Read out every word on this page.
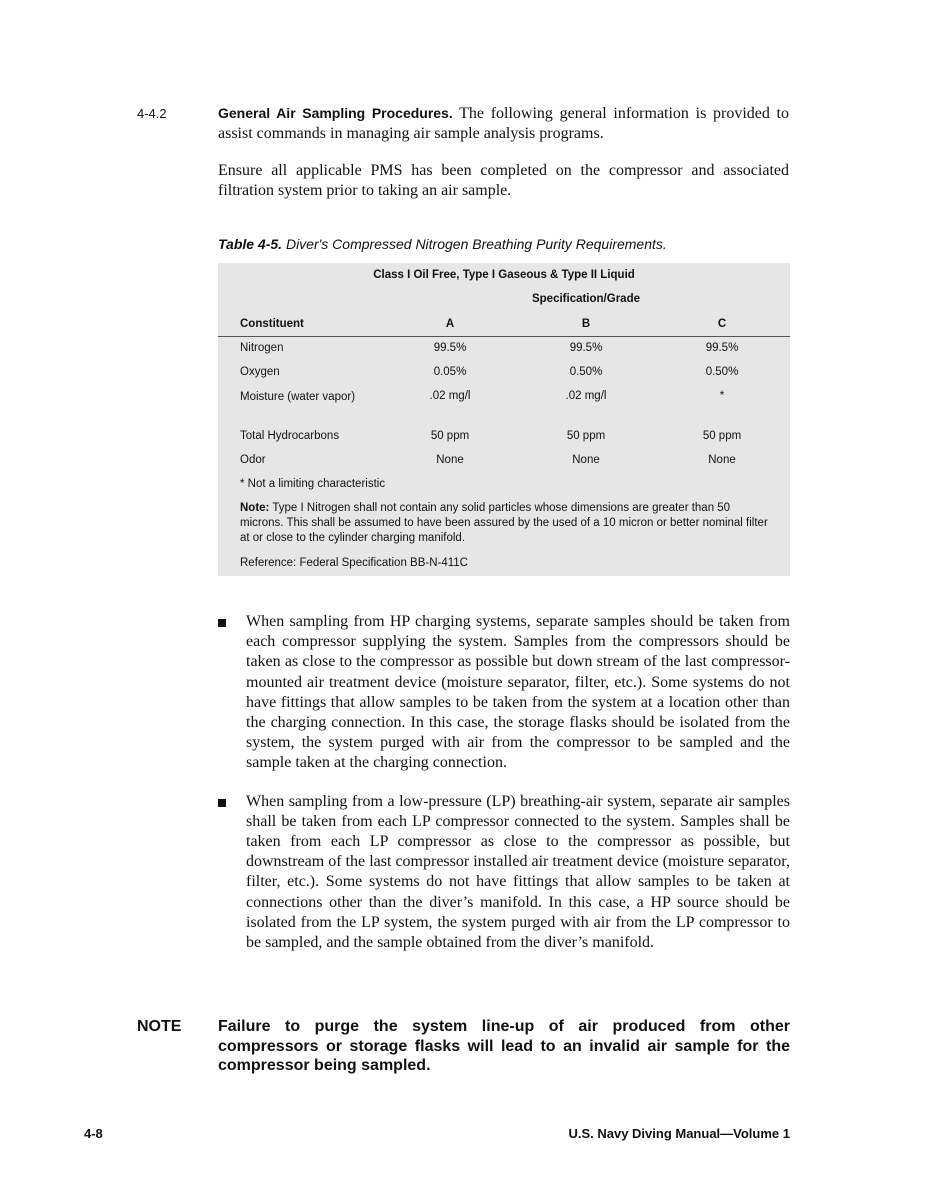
4-4.2	General Air Sampling Procedures. The following general information is provided to assist commands in managing air sample analysis programs.

Ensure all applicable PMS has been completed on the compressor and associated filtration system prior to taking an air sample.

Table 4-5. Diver's Compressed Nitrogen Breathing Purity Requirements.
Class I Oil Free, Type I Gaseous & Type II Liquid
Specification/Grade
Constituent	A	B	C
Nitrogen	99.5%	99.5%	99.5%
Oxygen	0.05%	0.50%	0.50%
Moisture (water vapor)	.02 mg/l	.02 mg/l	*
Total Hydrocarbons	50 ppm	50 ppm	50 ppm
Odor	None	None	None
* Not a limiting characteristic
Note: Type I Nitrogen shall not contain any solid particles whose dimensions are greater than 50 microns. This shall be assumed to have been assured by the used of a 10 micron or better nominal filter at or close to the cylinder charging manifold.
Reference: Federal Specification BB-N-411C
When sampling from HP charging systems, separate samples should be taken from each compressor supplying the system. Samples from the compressors should be taken as close to the compressor as possible but down stream of the last compressor-mounted air treatment device (moisture separator, filter, etc.). Some systems do not have fittings that allow samples to be taken from the system at a location other than the charging connection. In this case, the storage flasks should be isolated from the system, the system purged with air from the compressor to be sampled and the sample taken at the charging connection.
When sampling from a low-pressure (LP) breathing-air system, separate air samples shall be taken from each LP compressor connected to the system. Samples shall be taken from each LP compressor as close to the compressor as possible, but downstream of the last compressor installed air treatment device (moisture separator, filter, etc.). Some systems do not have fittings that allow samples to be taken at connections other than the diver’s manifold. In this case, a HP source should be isolated from the LP system, the system purged with air from the LP compressor to be sampled, and the sample obtained from the diver’s manifold.
NOTE Failure to purge the system line-up of air produced from other compressors or storage flasks will lead to an invalid air sample for the compressor being sampled.
4-8	U.S. Navy Diving Manual—Volume 1
